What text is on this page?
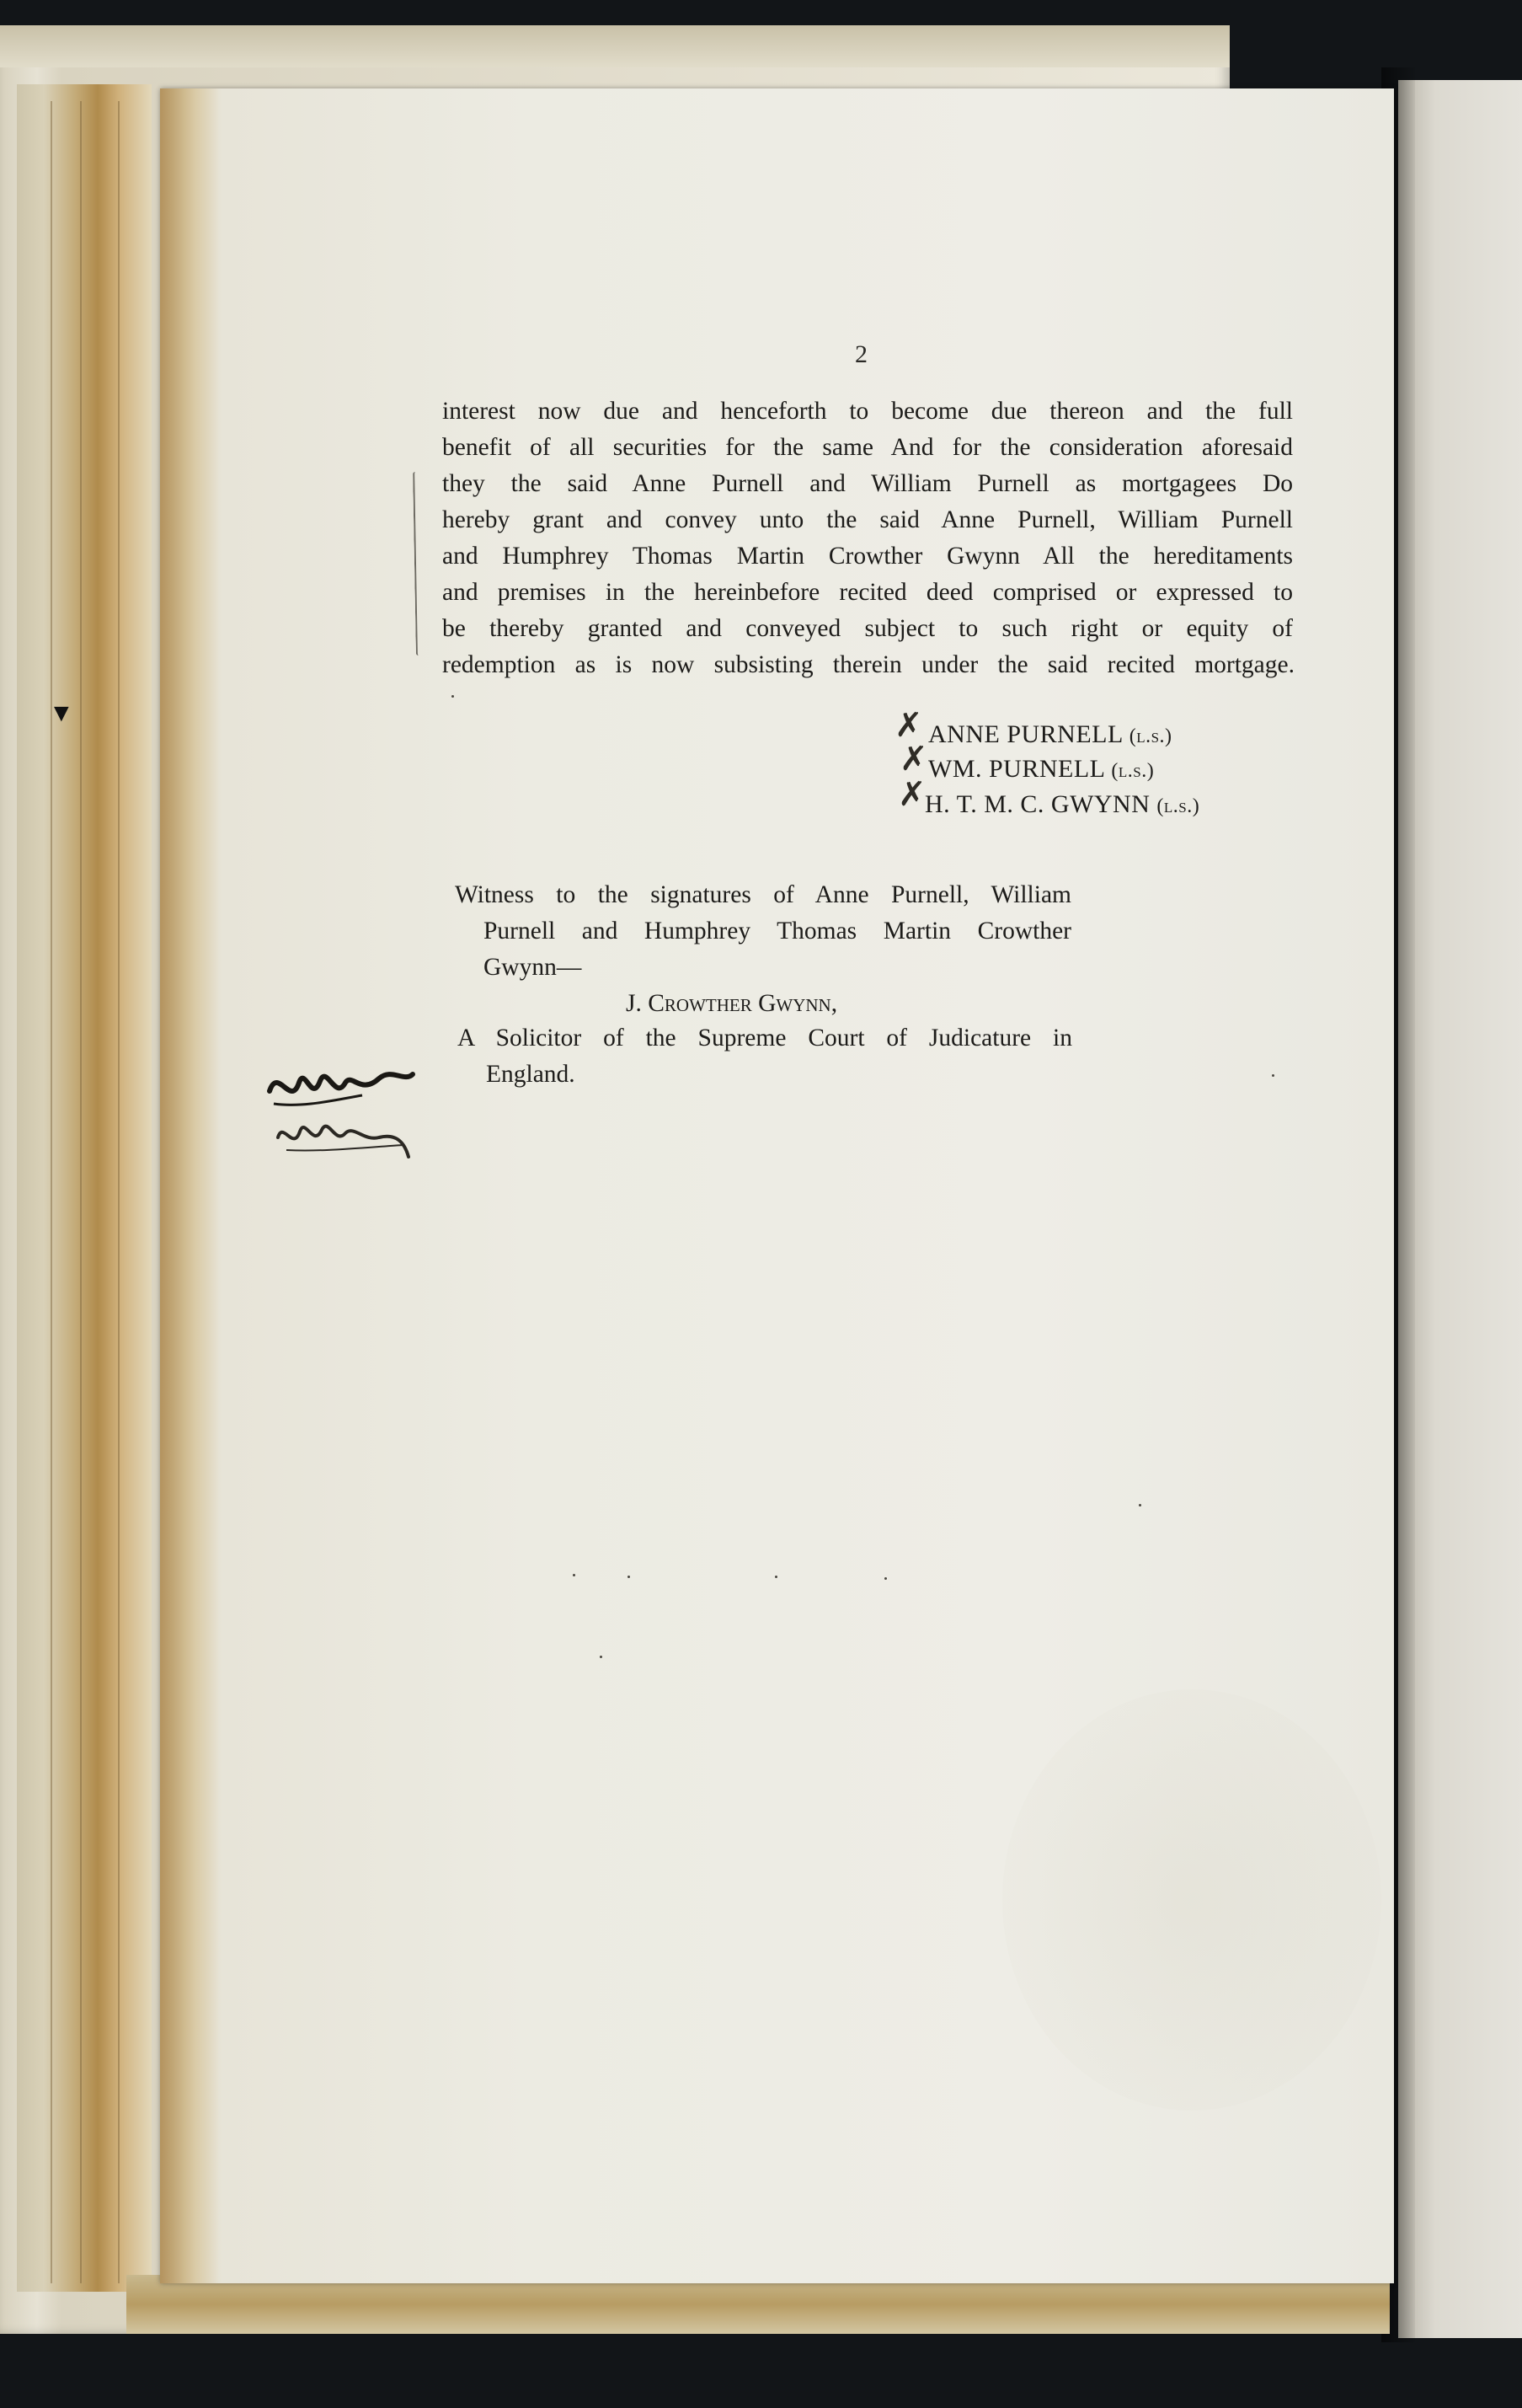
▼
2
interest now due and henceforth to become due thereon and the full
benefit of all securities for the same And for the consideration aforesaid
they the said Anne Purnell and William Purnell as mortgagees Do
hereby grant and convey unto the said Anne Purnell, William Purnell
and Humphrey Thomas Martin Crowther Gwynn All the hereditaments
and premises in the hereinbefore recited deed comprised or expressed to
be thereby granted and conveyed subject to such right or equity of
redemption as is now subsisting therein under the said recited mortgage.
✗ ANNE PURNELL (l.s.)
✗ WM. PURNELL (l.s.)
✗
H. T. M. C. GWYNN (l.s.)
Witness to the signatures of Anne Purnell, William
Purnell and Humphrey Thomas Martin Crowther
Gwynn—
J. Crowther Gwynn,
A Solicitor of the Supreme Court of Judicature in
England.
